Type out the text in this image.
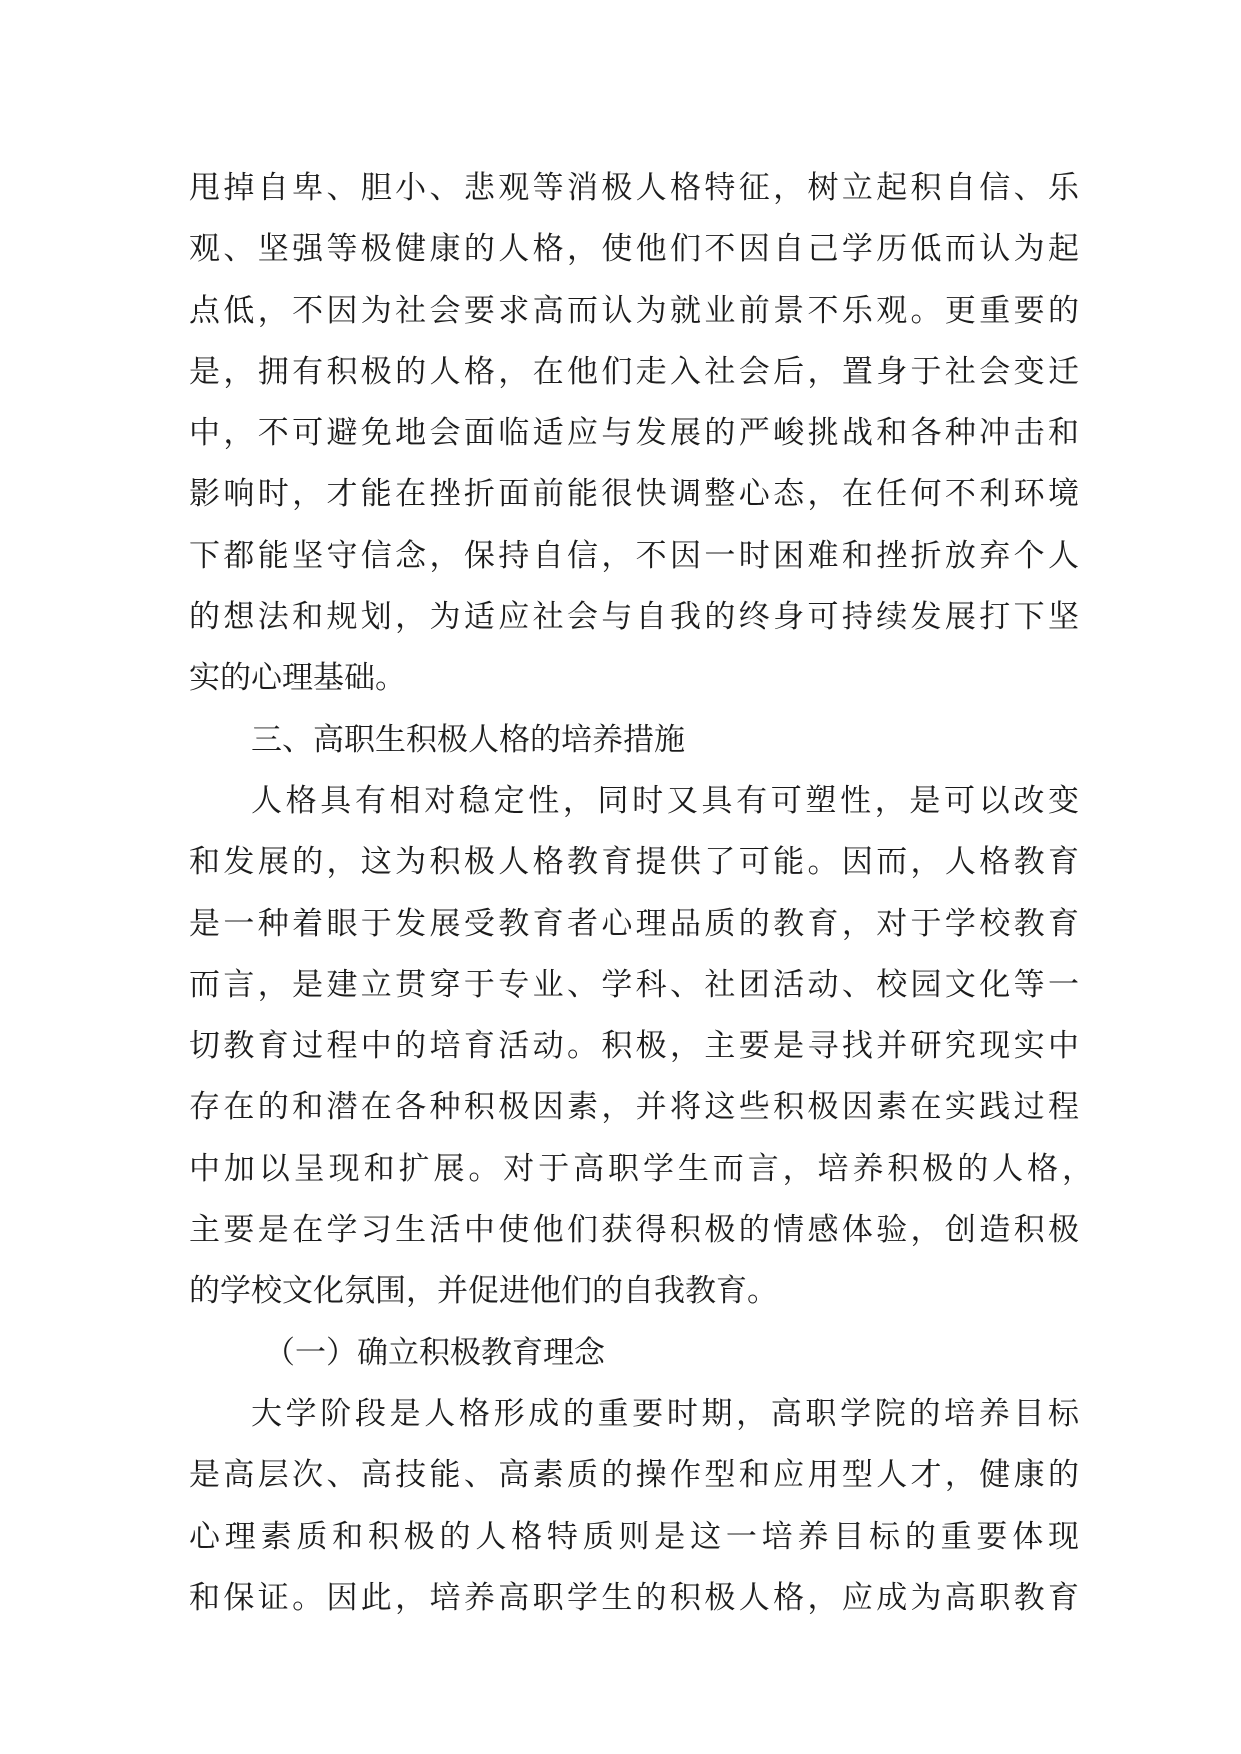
甩掉自卑、胆小、悲观等消极人格特征，树立起积自信、乐
观、坚强等极健康的人格，使他们不因自己学历低而认为起
点低，不因为社会要求高而认为就业前景不乐观。更重要的
是，拥有积极的人格，在他们走入社会后，置身于社会变迁
中，不可避免地会面临适应与发展的严峻挑战和各种冲击和
影响时，才能在挫折面前能很快调整心态，在任何不利环境
下都能坚守信念，保持自信，不因一时困难和挫折放弃个人
的想法和规划，为适应社会与自我的终身可持续发展打下坚
实的心理基础。
三、高职生积极人格的培养措施
人格具有相对稳定性，同时又具有可塑性，是可以改变
和发展的，这为积极人格教育提供了可能。因而，人格教育
是一种着眼于发展受教育者心理品质的教育，对于学校教育
而言，是建立贯穿于专业、学科、社团活动、校园文化等一
切教育过程中的培育活动。积极，主要是寻找并研究现实中
存在的和潜在各种积极因素，并将这些积极因素在实践过程
中加以呈现和扩展。对于高职学生而言，培养积极的人格，
主要是在学习生活中使他们获得积极的情感体验，创造积极
的学校文化氛围，并促进他们的自我教育。
（一）确立积极教育理念
大学阶段是人格形成的重要时期，高职学院的培养目标
是高层次、高技能、高素质的操作型和应用型人才，健康的
心理素质和积极的人格特质则是这一培养目标的重要体现
和保证。因此，培养高职学生的积极人格，应成为高职教育
